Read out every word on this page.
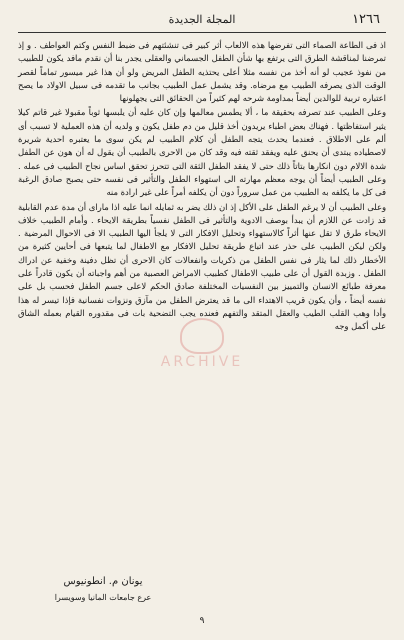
١٢٦٦
المجلة الجديدة

اذ فى الطاعة الصماء التى تفرضها هذه الالعاب أثر كبير فى تنشئتهم فى ضبط النفس وكتم العواطف . و إذ تمرضنا لمناقشة الطرق التى يرتفع بها شأن الطفل الجسماني والعقلى يجدر بنا أن نقدم مافد يكون للطبيب من نفوذ عجيب لو أنه أخذ من نفسه مثلا أعلى يحتذيه الطفل المريض ولو أن هذا غير ميسور تماماً لقصر الوقت الذى يصرفه الطبيب مع مرضاه. وقد يشمل عمل الطبيب بجانب ما تقدمه فى سبيل الاولاد ما يصح اعتباره تربية للوالدين أيضاً بمداومة شرحه لهم كثيراً من الحقائق التى يجهلونها

وعلى الطبيب عند تصرفه بحقيقة ما ، ألا يطمس معالمها وإن كان عليه أن يلبسها ثوباً مقبولا غير قاتم كيلا يثير استفاظتها . فهناك بعض اطباء يريدون أخذ قليل من دم طفل يكون و ولديه أن هذه العملية لا تسبب أى ألم على الاطلاق . فعندما يحدث يتجه الطفل أن كلام الطبيب لم يكن سوى ما يعتبره احدية شريرة لاصطياده يبتدى أن يحنق عليه ويفقد ثقته فيه وقد كان من الاحرى بالطبيب أن يقول له أن هون عن الطفل شدة الالام دون انكارها بتاتاً ذلك حتى لا يفقد الطفل الثقة التى تتحرز تحقق اساس نجاح الطبيب فى عمله . وعلى الطبيب أيضاً أن يوجه معظم مهارته الى استهواء الطفل والتأثير فى نفسه حتى يصبح صادق الرغبة فى كل ما يكلفه به الطبيب من عمل سروراً دون أن يكلفه أمراً على غير ارادة منه

وعلى الطبيب أن لا يرغم الطفل على الأكل إذ ان ذلك يضر به ثمايله انما عليه اذا ماراى أن مدة عدم القابلية قد زادت عن اللازم أن يبدأ بوصف الادوية والتأثير فى الطفل نفسياً بطريقة الايحاء . وأمام الطبيب خلاف الايحاء طرق لا تقل عنها أثراً كالاستهواء وتحليل الافكار التى لا يلجأ اليها الطبيب الا فى الاحوال المرضية . ولكن ليكن الطبيب على حذر عند اتباع طريقة تحليل الافكار مع الاطفال لما يتبعها فى أحايين كثيرة من الأخطار ذلك لما يثار فى نفس الطفل من ذكريات وانفعالات كان الاحرى أن تظل دفينة وخفية عن ادراك الطفل . وزبدة القول أن على طبيب الاطفال كطبيب الامراض العصبية من أهم واجباته أن يكون قادراً على معرفة طبائع الانسان والتمييز بين النفسيات المختلفة صادق الحكم لاعلى جسم الطفل فحسب بل على نفسه أيضاً ، وأن يكون قريب الاهتداء الى ما قد يعترض الطفل من مآزق ونزوات نفسانية فإذا تيسر له هذا وأدا وهب القلب الطيب والعقل المتقد والتفهم فعنده يجب التضحية بات فى مقدوره القيام بعمله الشاق على أكمل وجه

ARCHIVE
يونان م. انطونيوس
عرع جامعات المانيا وسويسرا
٩
